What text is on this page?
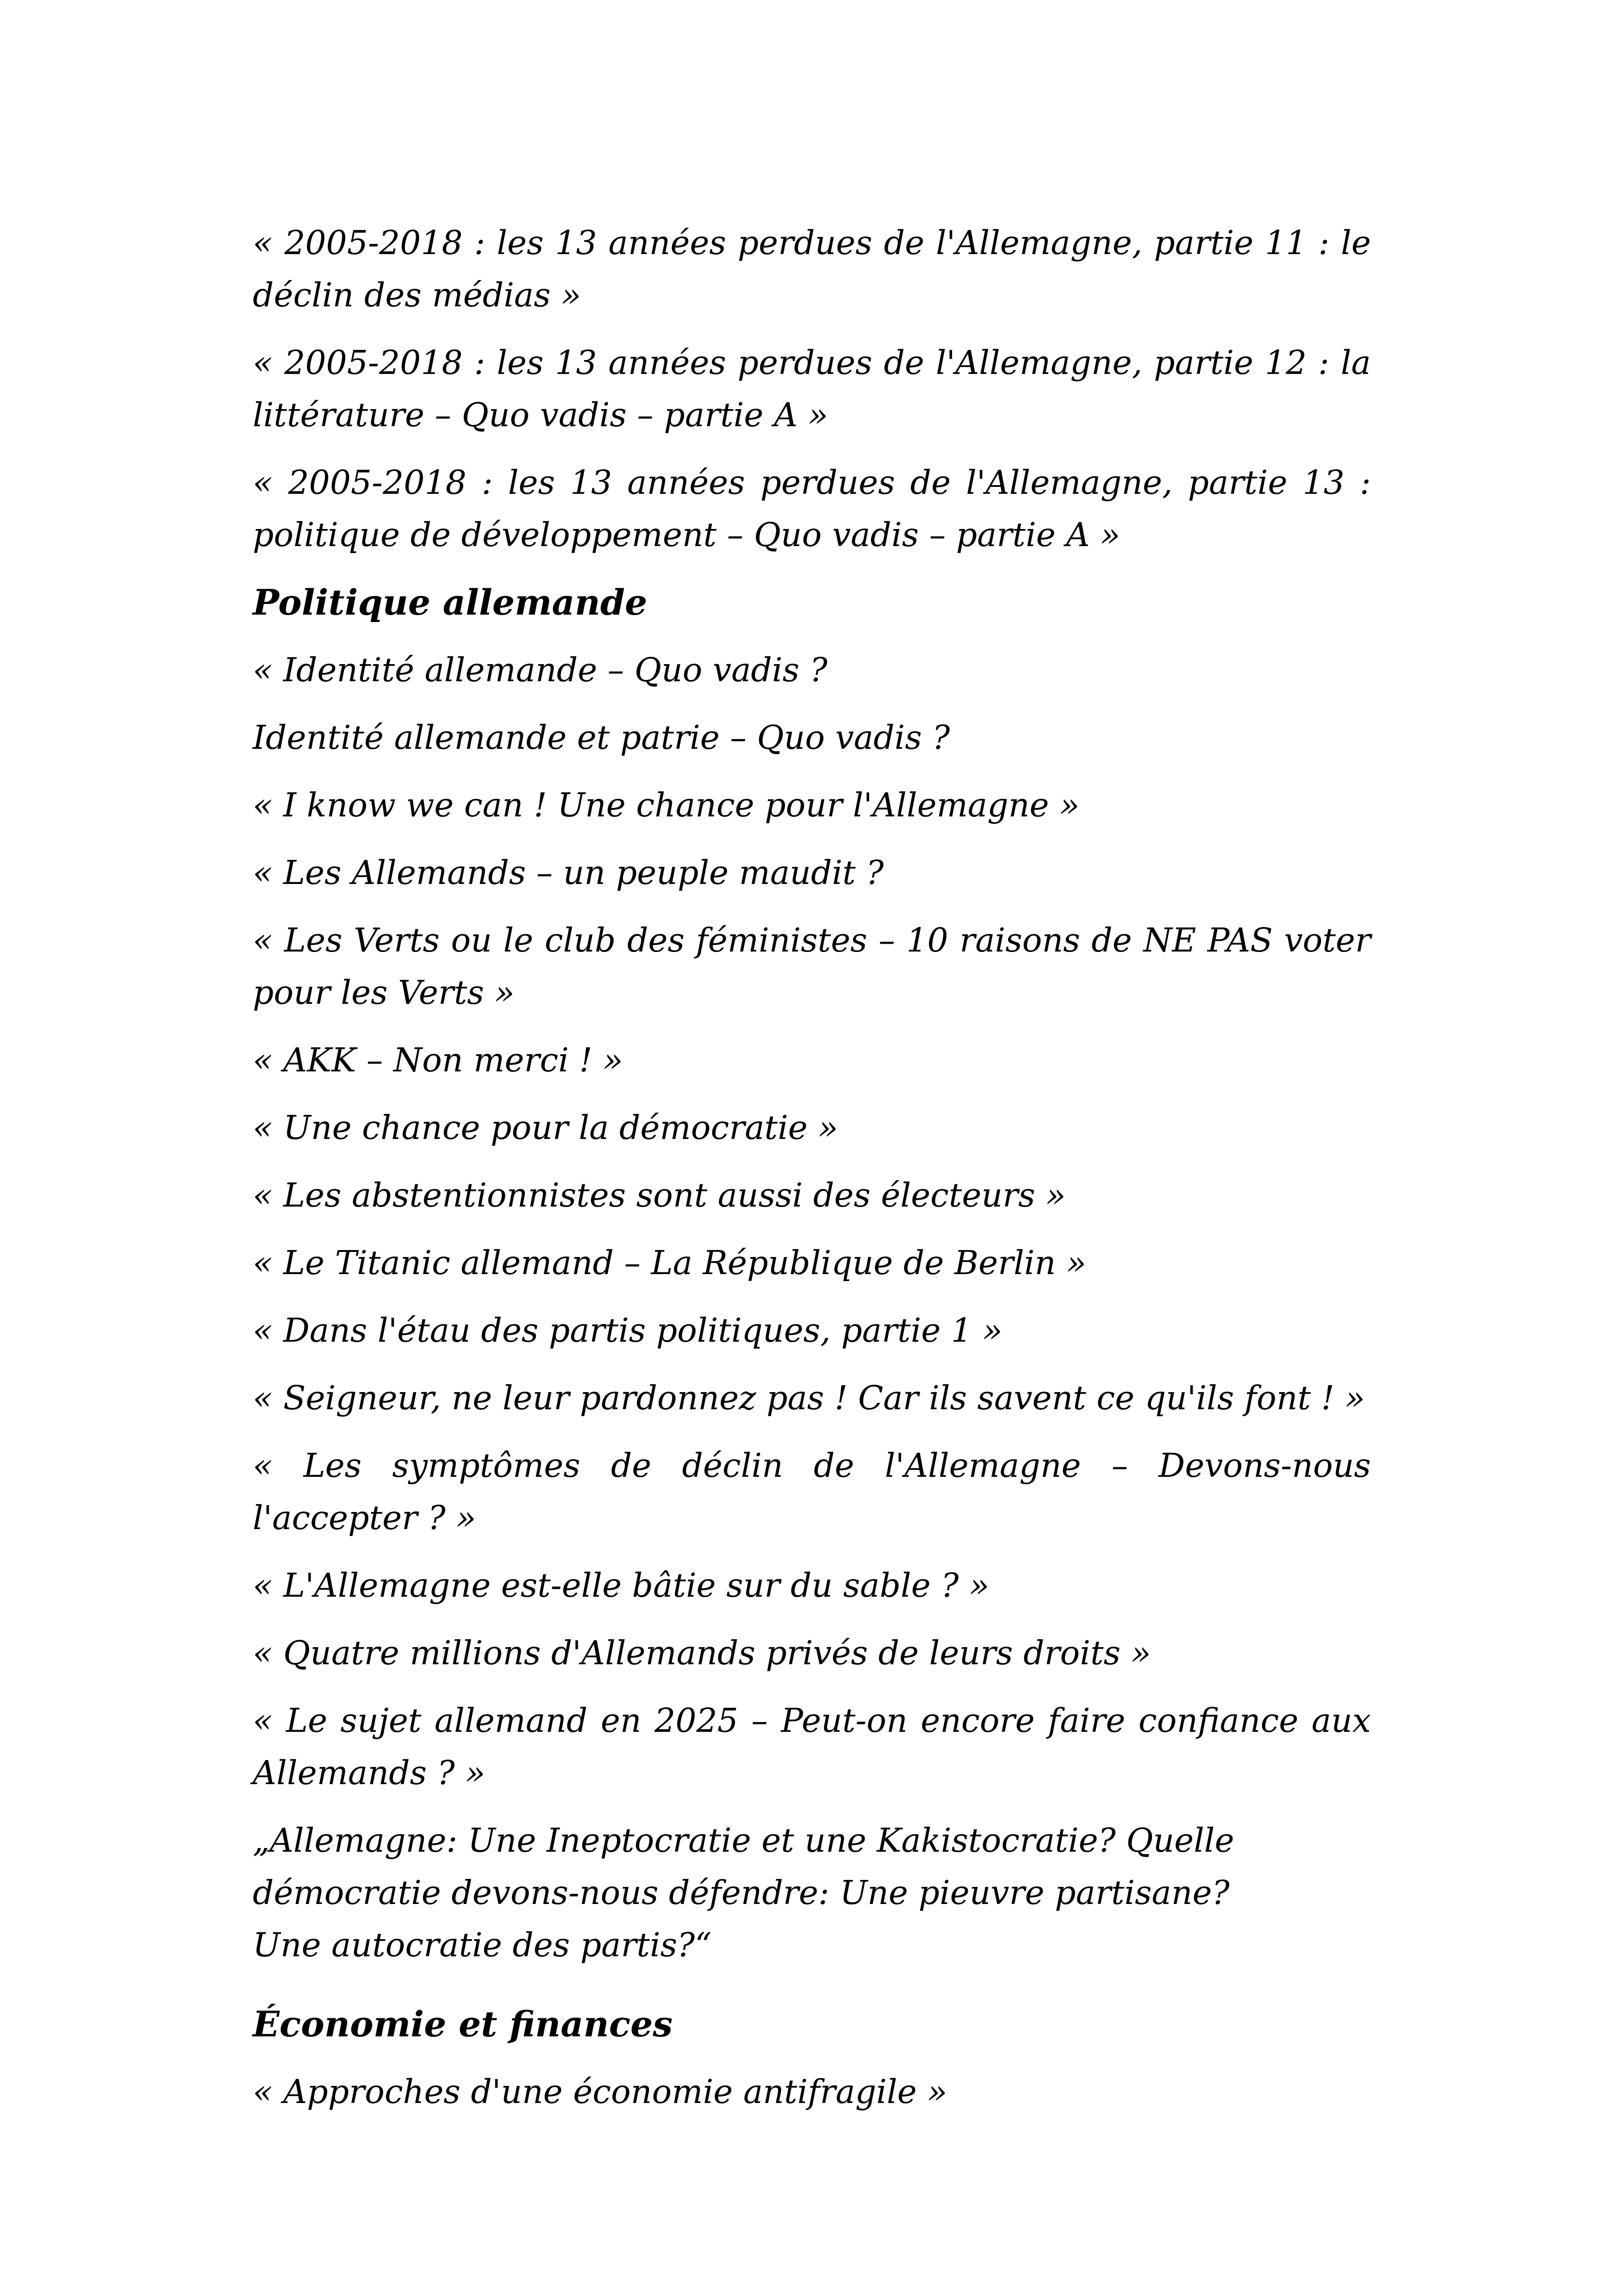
« 2005-2018 : les 13 années perdues de l'Allemagne, partie 11 : le déclin des médias »

« 2005-2018 : les 13 années perdues de l'Allemagne, partie 12 : la littérature – Quo vadis – partie A »

« 2005-2018 : les 13 années perdues de l'Allemagne, partie 13 : politique de développement – Quo vadis – partie A »

Politique allemande

« Identité allemande – Quo vadis ?

Identité allemande et patrie – Quo vadis ?

« I know we can ! Une chance pour l'Allemagne »

« Les Allemands – un peuple maudit ?

« Les Verts ou le club des féministes – 10 raisons de NE PAS voter pour les Verts »

« AKK – Non merci ! »

« Une chance pour la démocratie »

« Les abstentionnistes sont aussi des électeurs »

« Le Titanic allemand – La République de Berlin »

« Dans l'étau des partis politiques, partie 1 »

« Seigneur, ne leur pardonnez pas ! Car ils savent ce qu'ils font ! »

« Les symptômes de déclin de l'Allemagne – Devons-nous l'accepter ? »

« L'Allemagne est-elle bâtie sur du sable ? »

« Quatre millions d'Allemands privés de leurs droits »

« Le sujet allemand en 2025 – Peut-on encore faire confiance aux Allemands ? »

„Allemagne: Une Ineptocratie et une Kakistocratie? Quelle
démocratie devons-nous défendre: Une pieuvre partisane?
Une autocratie des partis?“

Économie et finances

« Approches d'une économie antifragile »
